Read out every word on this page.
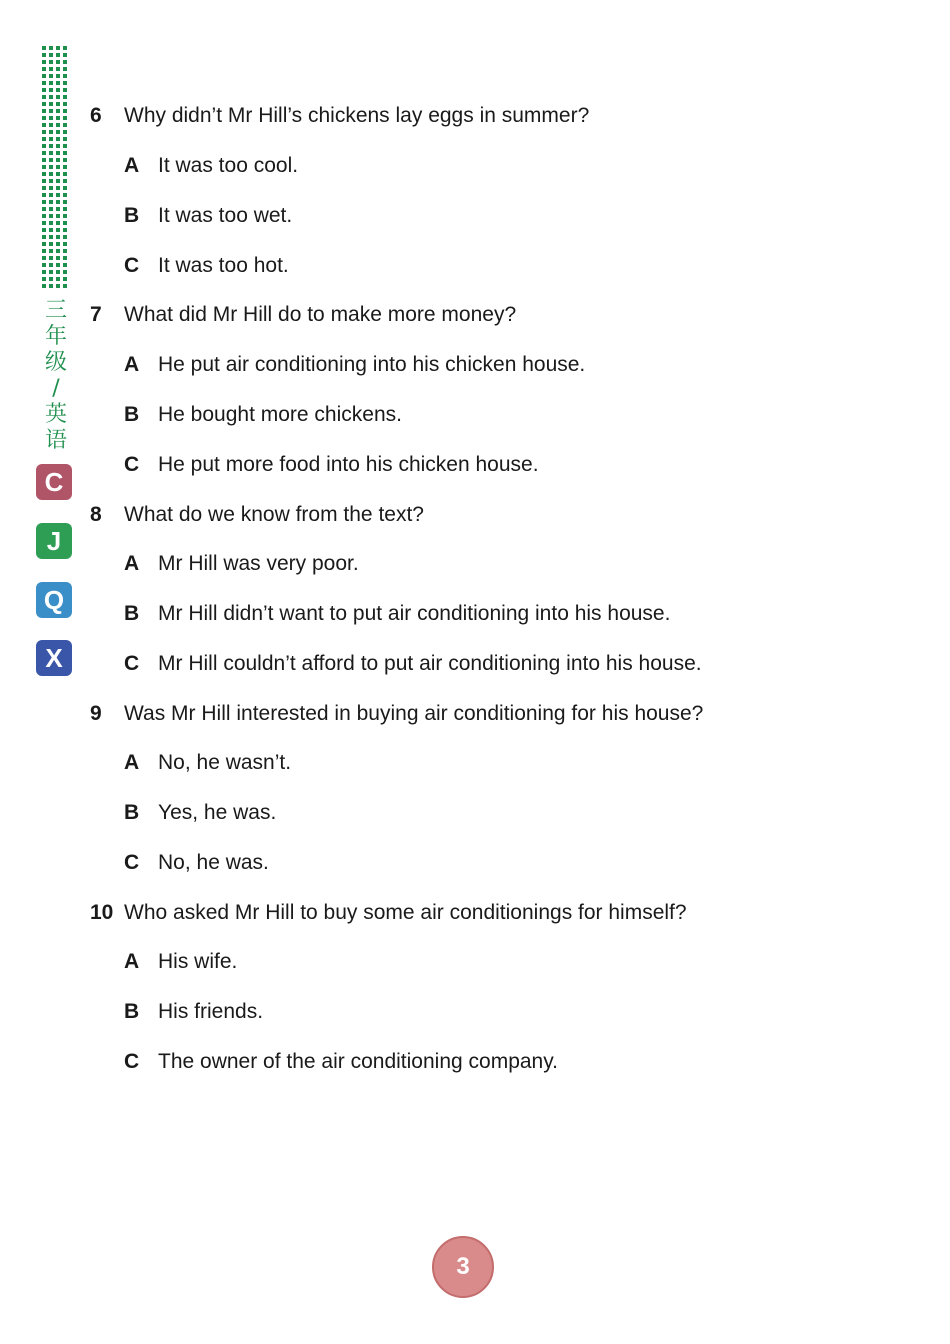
三
年
级
/
英
语
C
J
Q
X
6 Why didn’t Mr Hill’s chickens lay eggs in summer?
A It was too cool.
B It was too wet.
C It was too hot.
7 What did Mr Hill do to make more money?
A He put air conditioning into his chicken house.
B He bought more chickens.
C He put more food into his chicken house.
8 What do we know from the text?
A Mr Hill was very poor.
B Mr Hill didn’t want to put air conditioning into his house.
C Mr Hill couldn’t afford to put air conditioning into his house.
9 Was Mr Hill interested in buying air conditioning for his house?
A No, he wasn’t.
B Yes, he was.
C No, he was.
10 Who asked Mr Hill to buy some air conditionings for himself?
A His wife.
B His friends.
C The owner of the air conditioning company.
3
